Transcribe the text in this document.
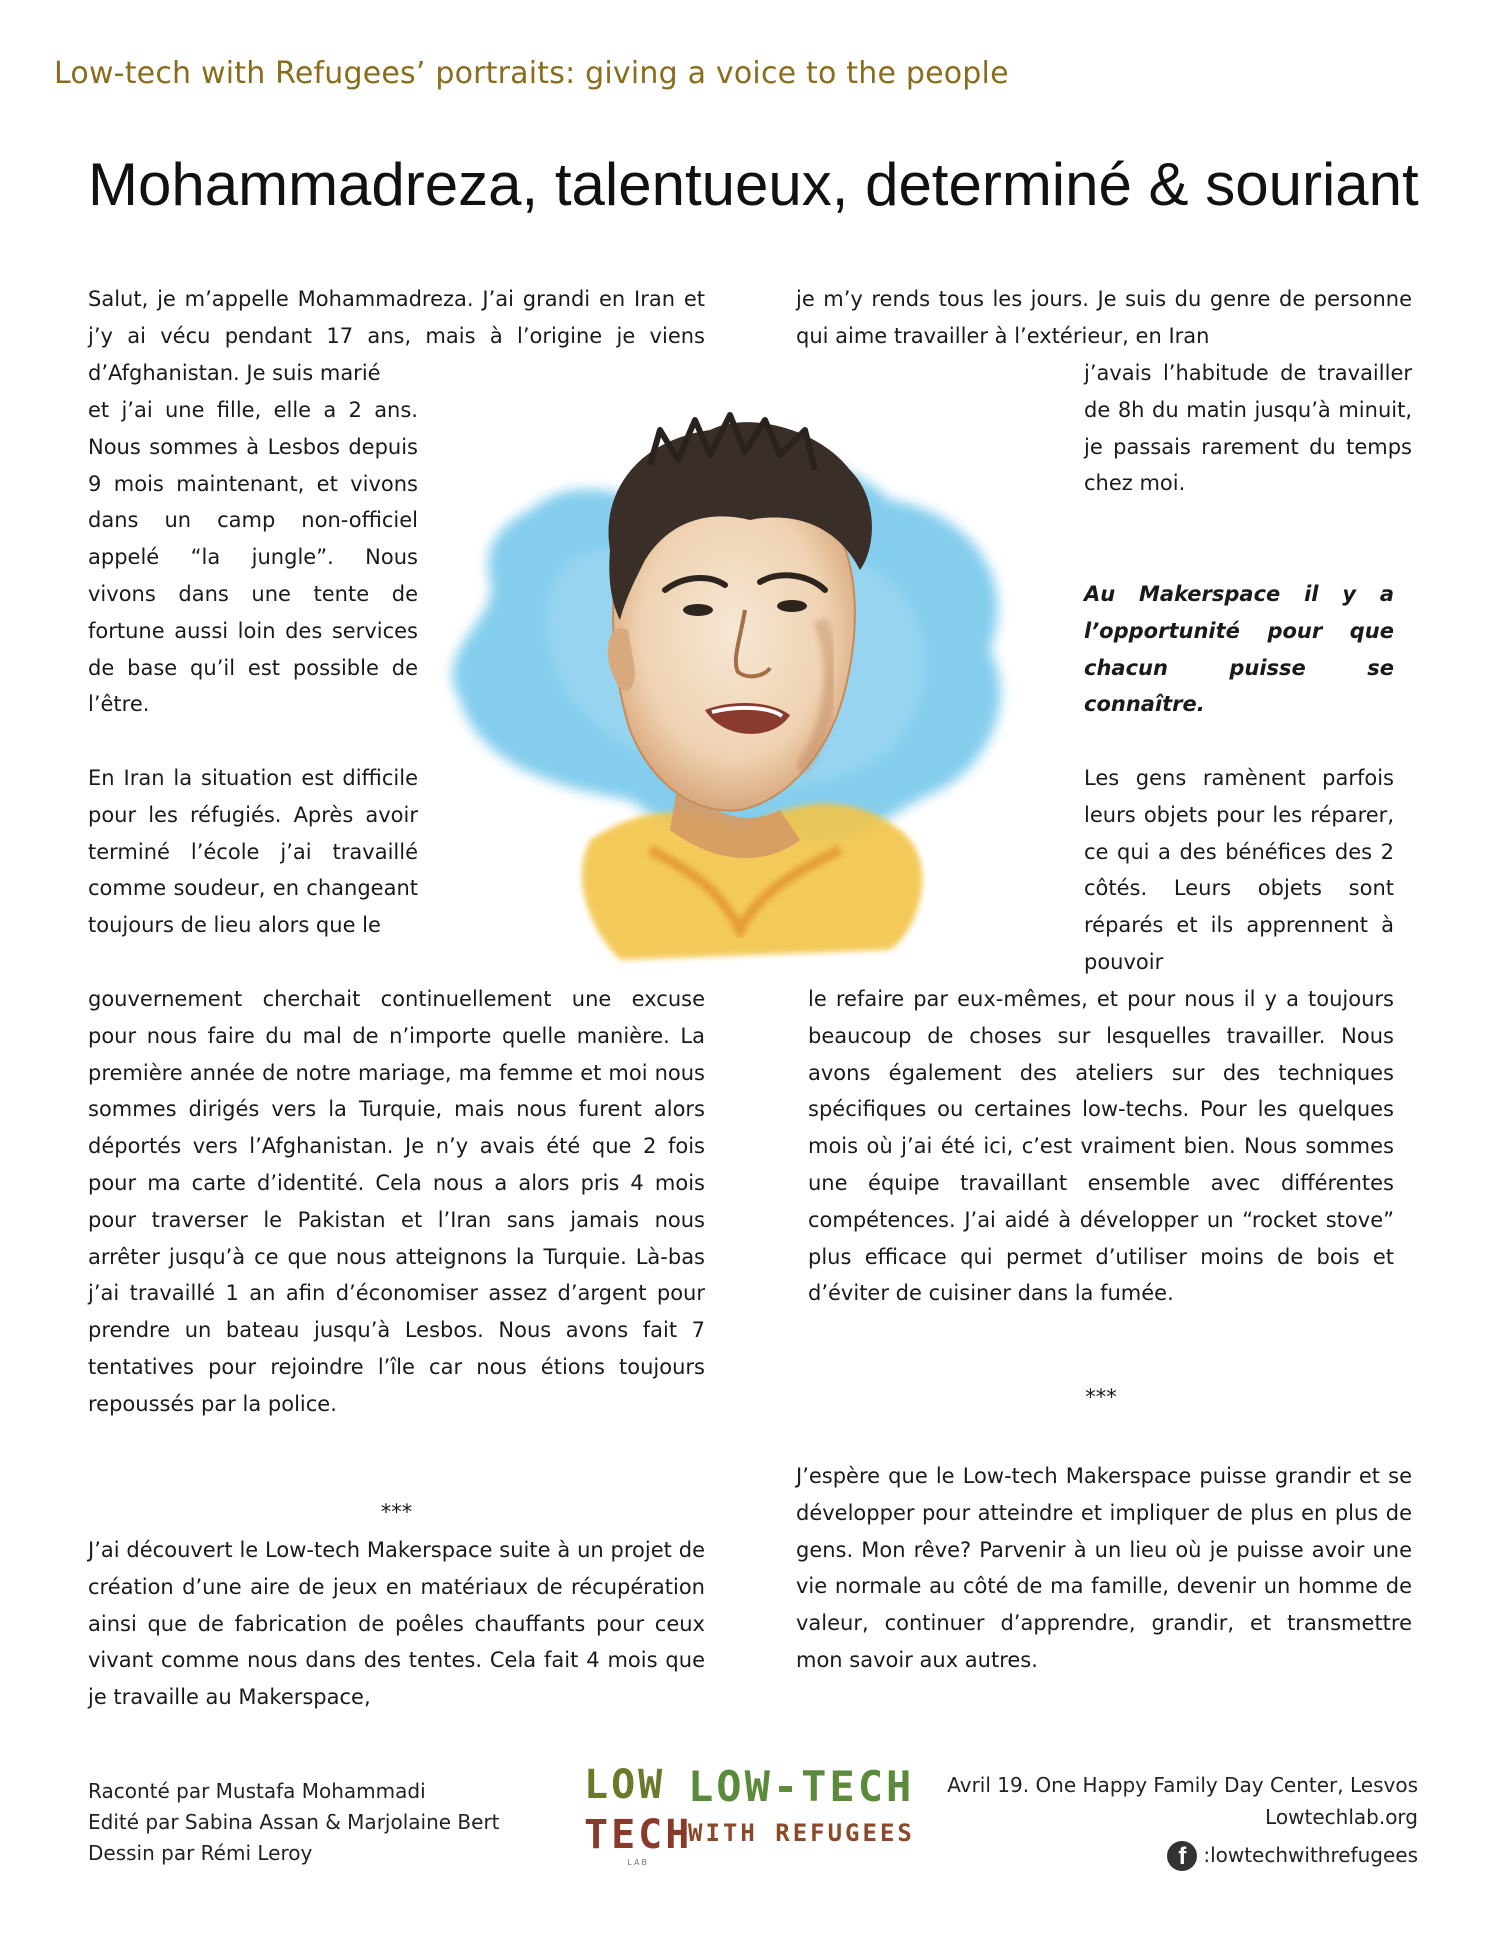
Low-tech with Refugees’ portraits: giving a voice to the people
Mohammadreza, talentueux, determiné & souriant

Salut, je m’appelle Mohammadreza. J’ai grandi en Iran et j’y ai vécu pendant 17 ans, mais à l’origine je viens d’Afghanistan. Je suis marié

et j’ai une fille, elle a 2 ans. Nous sommes à Lesbos depuis 9 mois maintenant, et vivons dans un camp non-officiel appelé “la jungle”. Nous vivons dans une tente de fortune aussi loin des services de base qu’il est possible de l’être.

En Iran la situation est difficile pour les réfugiés. Après avoir terminé l’école j’ai travaillé comme soudeur, en changeant toujours de lieu alors que le

gouvernement cherchait continuellement une excuse pour nous faire du mal de n’importe quelle manière. La première année de notre mariage, ma femme et moi nous sommes dirigés vers la Turquie, mais nous furent alors déportés vers l’Afghanistan. Je n’y avais été que 2 fois pour ma carte d’identité. Cela nous a alors pris 4 mois pour traverser le Pakistan et l’Iran sans jamais nous arrêter jusqu’à ce que nous atteignons la Turquie. Là-bas j’ai travaillé 1 an afin d’économiser assez d’argent pour prendre un bateau jusqu’à Lesbos. Nous avons fait 7 tentatives pour rejoindre l’île car nous étions toujours repoussés par la police.

***

J’ai découvert le Low-tech Makerspace suite à un projet de création d’une aire de jeux en matériaux de récupération ainsi que de fabrication de poêles chauffants pour ceux vivant comme nous dans des tentes. Cela fait 4 mois que je travaille au Makerspace,

je m’y rends tous les jours. Je suis du genre de personne qui aime travailler à l’extérieur, en Iran

j’avais l’habitude de travailler de 8h du matin jusqu’à minuit, je passais rarement du temps chez moi.

Au Makerspace il y a l’opportunité pour que chacun puisse se connaître.

Les gens ramènent parfois leurs objets pour les réparer, ce qui a des bénéfices des 2 côtés. Leurs objets sont réparés et ils apprennent à pouvoir

le refaire par eux-mêmes, et pour nous il y a toujours beaucoup de choses sur lesquelles travailler. Nous avons également des ateliers sur des techniques spécifiques ou certaines low-techs. Pour les quelques mois où j’ai été ici, c’est vraiment bien. Nous sommes une équipe travaillant ensemble avec différentes compétences. J’ai aidé à développer un “rocket stove” plus efficace qui permet d’utiliser moins de bois et d’éviter de cuisiner dans la fumée.

***

J’espère que le Low-tech Makerspace puisse grandir et se développer pour atteindre et impliquer de plus en plus de gens. Mon rêve? Parvenir à un lieu où je puisse avoir une vie normale au côté de ma famille, devenir un homme de valeur, continuer d’apprendre, grandir, et transmettre mon savoir aux autres.

Raconté par Mustafa Mohammadi
Edité par Sabina Assan & Marjolaine Bert
Dessin par Rémi Leroy
LOW
TECH
LAB
LOW-TECH
WITH REFUGEES
Avril 19. One Happy Family Day Center, Lesvos
Lowtechlab.org
f :lowtechwithrefugees
